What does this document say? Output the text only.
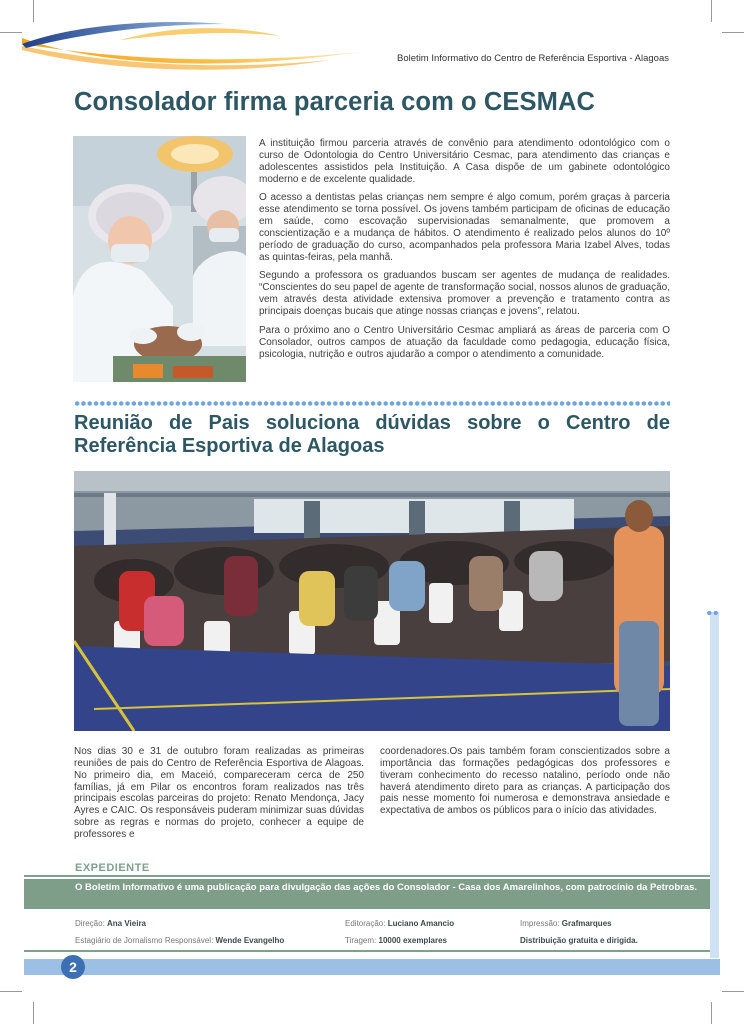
Boletim Informativo do Centro de Referência Esportiva - Alagoas
Consolador firma parceria com o CESMAC

A instituição firmou parceria através de convênio para atendimento odontológico com o curso de Odontologia do Centro Universitário Cesmac, para atendimento das crianças e adolescentes assistidos pela Instituição. A Casa dispõe de um gabinete odontológico moderno e de excelente qualidade.

O acesso a dentistas pelas crianças nem sempre é algo comum, porém graças à parceria esse atendimento se torna possível. Os jovens também participam de oficinas de educação em saúde, como escovação supervisionadas semanalmente, que promovem a conscientização e a mudança de hábitos. O atendimento é realizado pelos alunos do 10º período de graduação do curso, acompanhados pela professora Maria Izabel Alves, todas as quintas-feiras, pela manhã.

Segundo a professora os graduandos buscam ser agentes de mudança de realidades. “Conscientes do seu papel de agente de transformação social, nossos alunos de graduação, vem através desta atividade extensiva promover a prevenção e tratamento contra as principais doenças bucais que atinge nossas crianças e jovens”, relatou.

Para o próximo ano o Centro Universitário Cesmac ampliará as áreas de parceria com O Consolador, outros campos de atuação da faculdade como pedagogia, educação física, psicologia, nutrição e outros ajudarão a compor o atendimento a comunidade.

Reunião de Pais soluciona dúvidas sobre o Centro de Referência Esportiva de Alagoas
Nos dias 30 e 31 de outubro foram realizadas as primeiras reuniões de pais do Centro de Referência Esportiva de Alagoas. No primeiro dia, em Maceió, compareceram cerca de 250 famílias, já em Pilar os encontros foram realizados nas três principais escolas parceiras do projeto: Renato Mendonça, Jacy Ayres e CAIC. Os responsáveis puderam minimizar suas dúvidas sobre as regras e normas do projeto, conhecer a equipe de professores e
coordenadores.Os pais também foram conscientizados sobre a importância das formações pedagógicas dos professores e tiveram conhecimento do recesso natalino, período onde não haverá atendimento direto para as crianças. A participação dos pais nesse momento foi numerosa e demonstrava ansiedade e expectativa de ambos os públicos para o início das atividades.
EXPEDIENTE
O Boletim Informativo é uma publicação para divulgação das ações do Consolador - Casa dos Amarelinhos, com patrocínio da Petrobras.
Direção: Ana Vieira	Editoração: Luciano Amancio	Impressão: Grafmarques
Estagiário de Jornalismo Responsável: Wende Evangelho	Tiragem: 10000 exemplares	Distribuição gratuita e dirigida.
2
